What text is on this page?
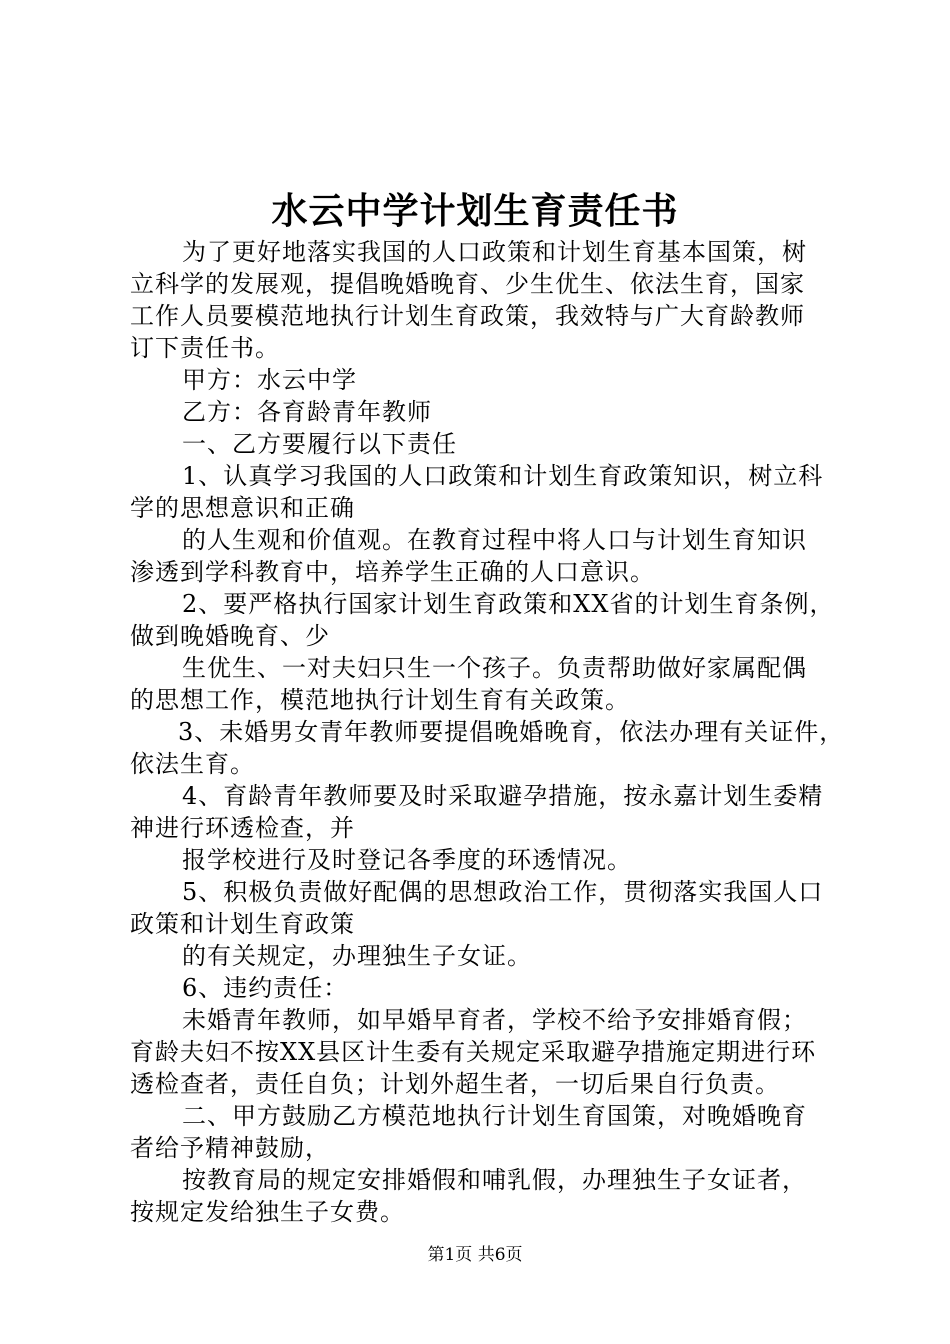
水云中学计划生育责任书
为了更好地落实我国的人口政策和计划生育基本国策，树
立科学的发展观，提倡晚婚晚育、少生优生、依法生育，国家
工作人员要模范地执行计划生育政策，我效特与广大育龄教师
订下责任书。
甲方：水云中学
乙方：各育龄青年教师
一、乙方要履行以下责任
1、认真学习我国的人口政策和计划生育政策知识，树立科
学的思想意识和正确
的人生观和价值观。在教育过程中将人口与计划生育知识
渗透到学科教育中，培养学生正确的人口意识。
2、要严格执行国家计划生育政策和XX省的计划生育条例，
做到晚婚晚育、少
生优生、一对夫妇只生一个孩子。负责帮助做好家属配偶
的思想工作，模范地执行计划生育有关政策。
3、未婚男女青年教师要提倡晚婚晚育，依法办理有关证件，
依法生育。
4、育龄青年教师要及时采取避孕措施，按永嘉计划生委精
神进行环透检查，并
报学校进行及时登记各季度的环透情况。
5、积极负责做好配偶的思想政治工作，贯彻落实我国人口
政策和计划生育政策
的有关规定，办理独生子女证。
6、违约责任：
未婚青年教师，如早婚早育者，学校不给予安排婚育假；
育龄夫妇不按XX县区计生委有关规定采取避孕措施定期进行环
透检查者，责任自负；计划外超生者，一切后果自行负责。
二、甲方鼓励乙方模范地执行计划生育国策，对晚婚晚育
者给予精神鼓励，
按教育局的规定安排婚假和哺乳假，办理独生子女证者，
按规定发给独生子女费。
第1页 共6页
